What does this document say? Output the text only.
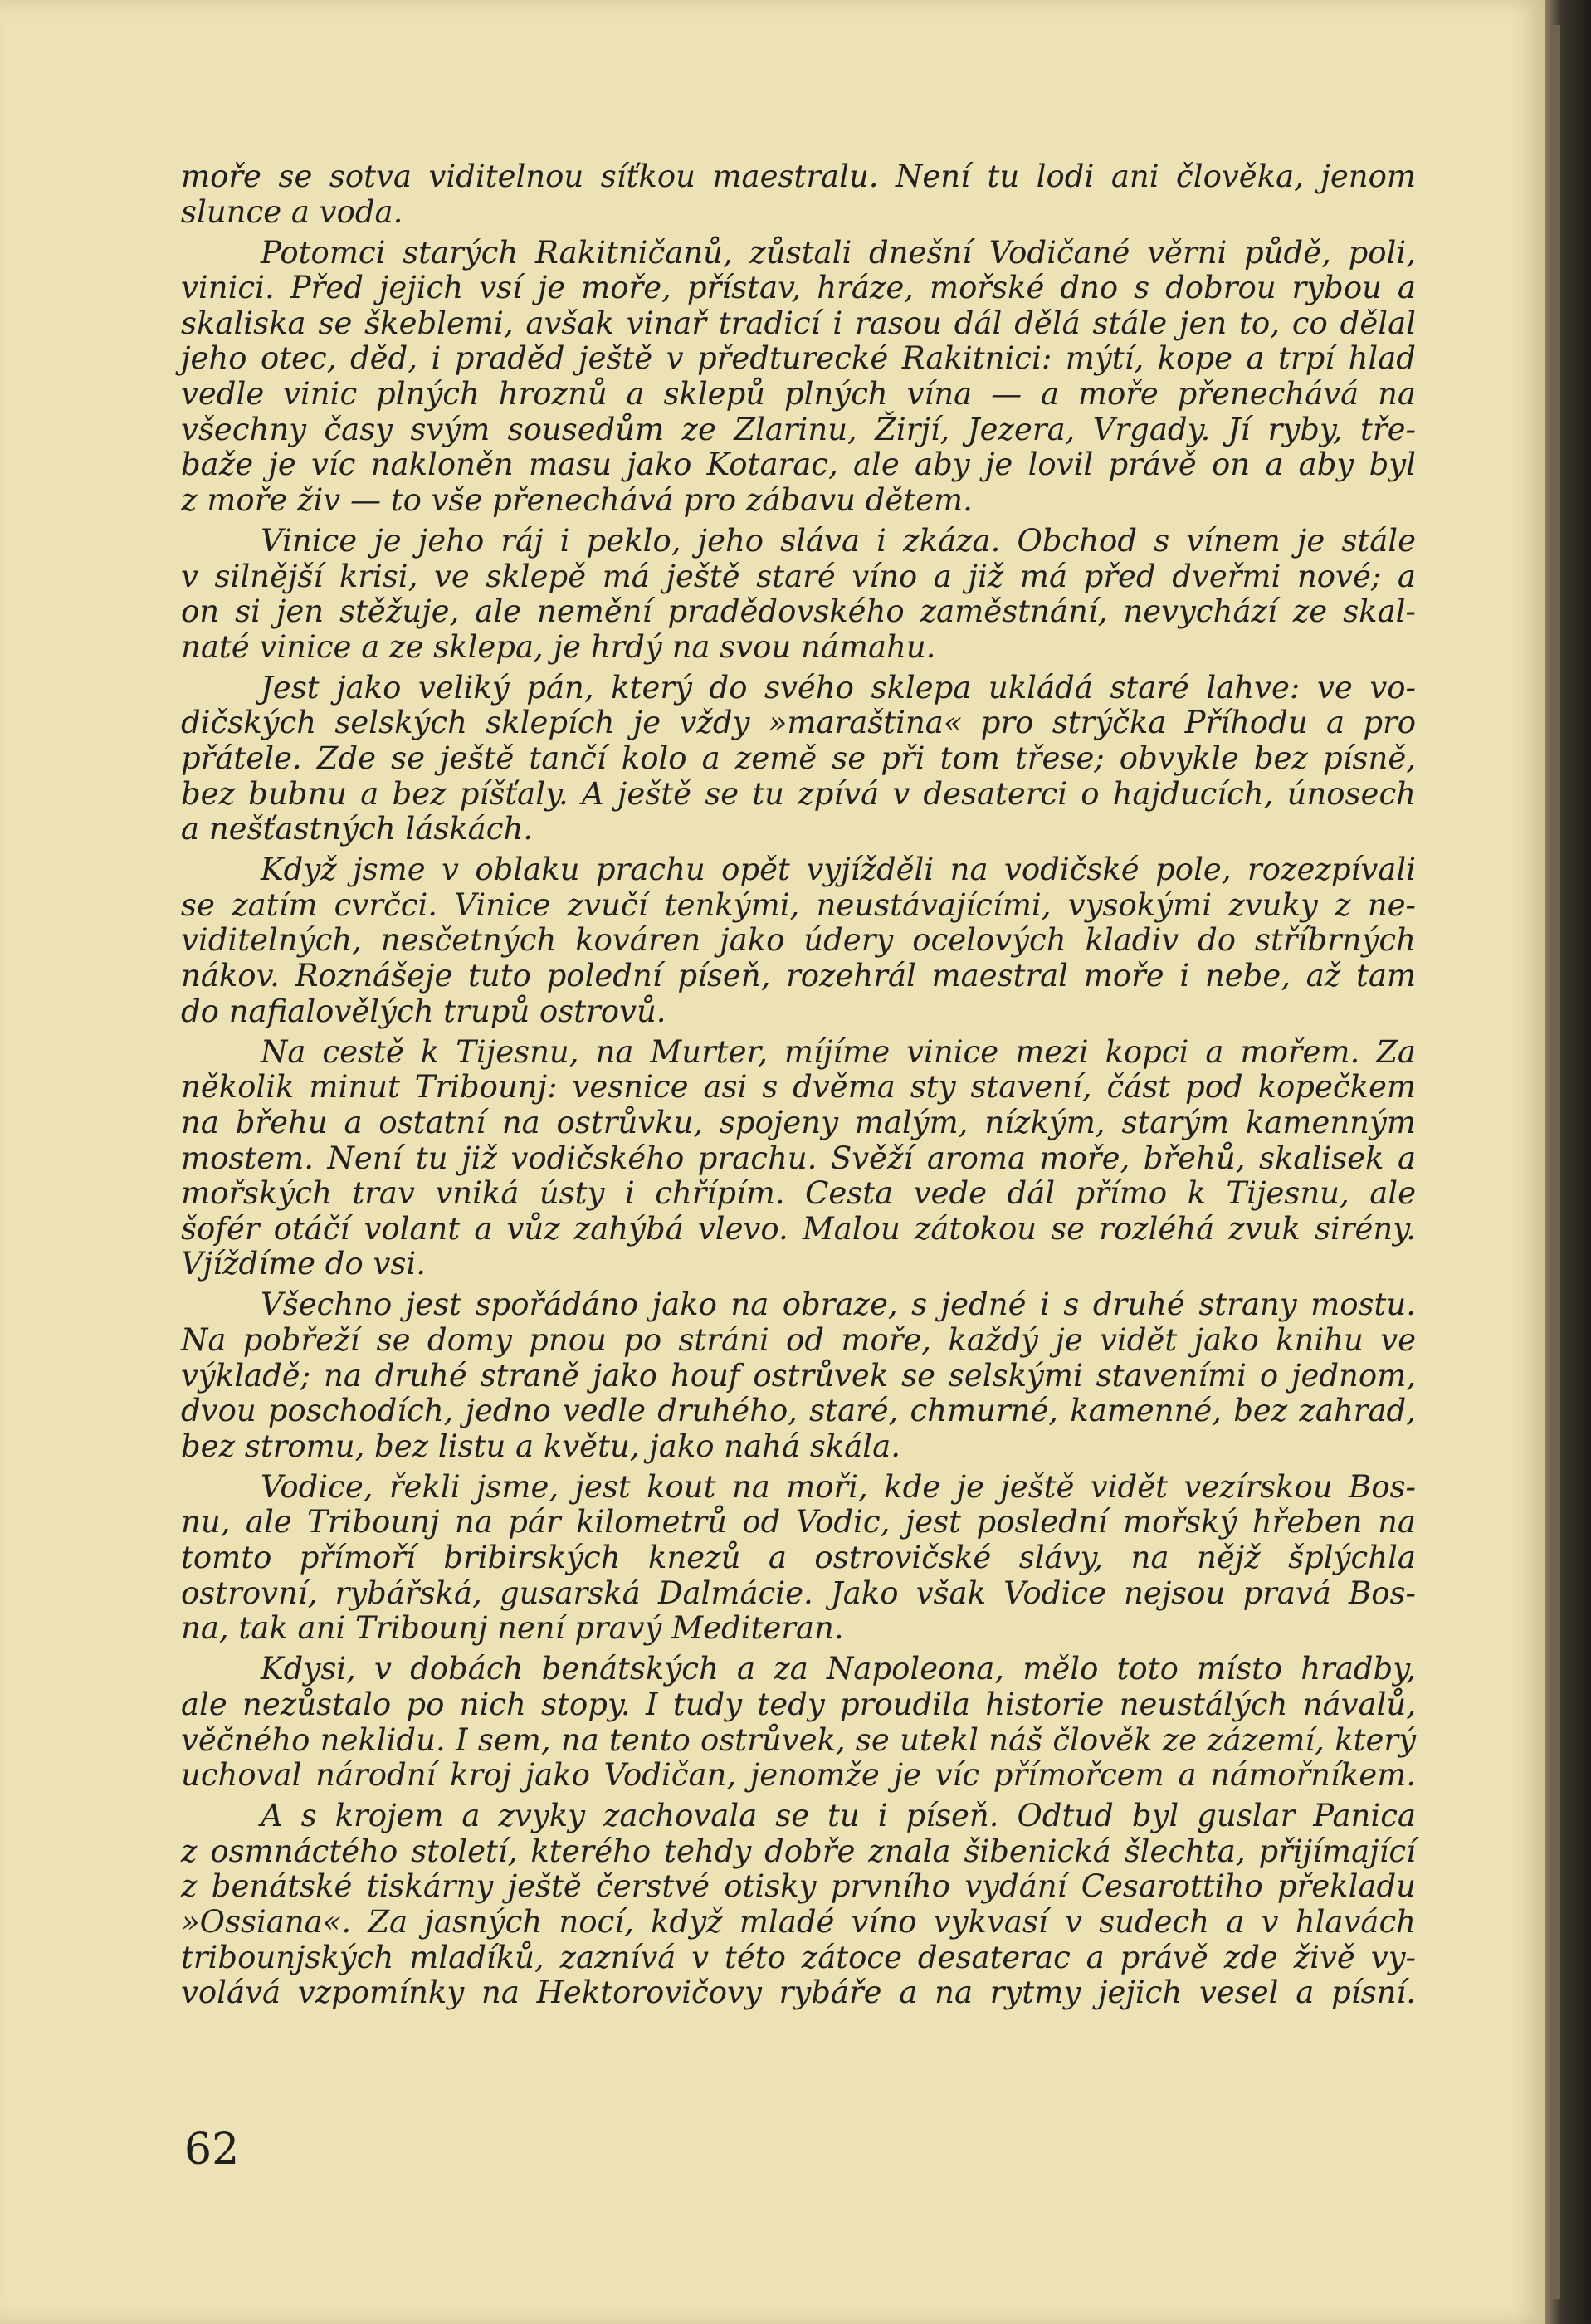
moře se sotva viditelnou síťkou maestralu. Není tu lodi ani člověka, jenom
slunce a voda.

Potomci starých Rakitničanů, zůstali dnešní Vodičané věrni půdě, poli,
vinici. Před jejich vsí je moře, přístav, hráze, mořské dno s dobrou rybou a
skaliska se škeblemi, avšak vinař tradicí i rasou dál dělá stále jen to, co dělal
jeho otec, děd, i praděd ještě v předturecké Rakitnici: mýtí, kope a trpí hlad
vedle vinic plných hroznů a sklepů plných vína — a moře přenechává na
všechny časy svým sousedům ze Zlarinu, Žirjí, Jezera, Vrgady. Jí ryby, tře-
baže je víc nakloněn masu jako Kotarac, ale aby je lovil právě on a aby byl
z moře živ — to vše přenechává pro zábavu dětem.

Vinice je jeho ráj i peklo, jeho sláva i zkáza. Obchod s vínem je stále
v silnější krisi, ve sklepě má ještě staré víno a již má před dveřmi nové; a
on si jen stěžuje, ale nemění pradědovského zaměstnání, nevychází ze skal-
naté vinice a ze sklepa, je hrdý na svou námahu.

Jest jako veliký pán, který do svého sklepa ukládá staré lahve: ve vo-
dičských selských sklepích je vždy »maraština« pro strýčka Příhodu a pro
přátele. Zde se ještě tančí kolo a země se při tom třese; obvykle bez písně,
bez bubnu a bez píšťaly. A ještě se tu zpívá v desaterci o hajducích, únosech
a nešťastných láskách.

Když jsme v oblaku prachu opět vyjížděli na vodičské pole, rozezpívali
se zatím cvrčci. Vinice zvučí tenkými, neustávajícími, vysokými zvuky z ne-
viditelných, nesčetných kováren jako údery ocelových kladiv do stříbrných
nákov. Roznášeje tuto polední píseň, rozehrál maestral moře i nebe, až tam
do nafialovělých trupů ostrovů.

Na cestě k Tijesnu, na Murter, míjíme vinice mezi kopci a mořem. Za
několik minut Tribounj: vesnice asi s dvěma sty stavení, část pod kopečkem
na břehu a ostatní na ostrůvku, spojeny malým, nízkým, starým kamenným
mostem. Není tu již vodičského prachu. Svěží aroma moře, břehů, skalisek a
mořských trav vniká ústy i chřípím. Cesta vede dál přímo k Tijesnu, ale
šofér otáčí volant a vůz zahýbá vlevo. Malou zátokou se rozléhá zvuk sirény.
Vjíždíme do vsi.

Všechno jest spořádáno jako na obraze, s jedné i s druhé strany mostu.
Na pobřeží se domy pnou po stráni od moře, každý je vidět jako knihu ve
výkladě; na druhé straně jako houf ostrůvek se selskými staveními o jednom,
dvou poschodích, jedno vedle druhého, staré, chmurné, kamenné, bez zahrad,
bez stromu, bez listu a květu, jako nahá skála.

Vodice, řekli jsme, jest kout na moři, kde je ještě vidět vezírskou Bos-
nu, ale Tribounj na pár kilometrů od Vodic, jest poslední mořský hřeben na
tomto přímoří bribirských knezů a ostrovičské slávy, na nějž šplýchla
ostrovní, rybářská, gusarská Dalmácie. Jako však Vodice nejsou pravá Bos-
na, tak ani Tribounj není pravý Mediteran.

Kdysi, v dobách benátských a za Napoleona, mělo toto místo hradby,
ale nezůstalo po nich stopy. I tudy tedy proudila historie neustálých návalů,
věčného neklidu. I sem, na tento ostrůvek, se utekl náš člověk ze zázemí, který
uchoval národní kroj jako Vodičan, jenomže je víc přímořcem a námořníkem.

A s krojem a zvyky zachovala se tu i píseň. Odtud byl guslar Panica
z osmnáctého století, kterého tehdy dobře znala šibenická šlechta, přijímající
z benátské tiskárny ještě čerstvé otisky prvního vydání Cesarottiho překladu
»Ossiana«. Za jasných nocí, když mladé víno vykvasí v sudech a v hlavách
tribounjských mladíků, zaznívá v této zátoce desaterac a právě zde živě vy-
volává vzpomínky na Hektorovičovy rybáře a na rytmy jejich vesel a písní.

62
